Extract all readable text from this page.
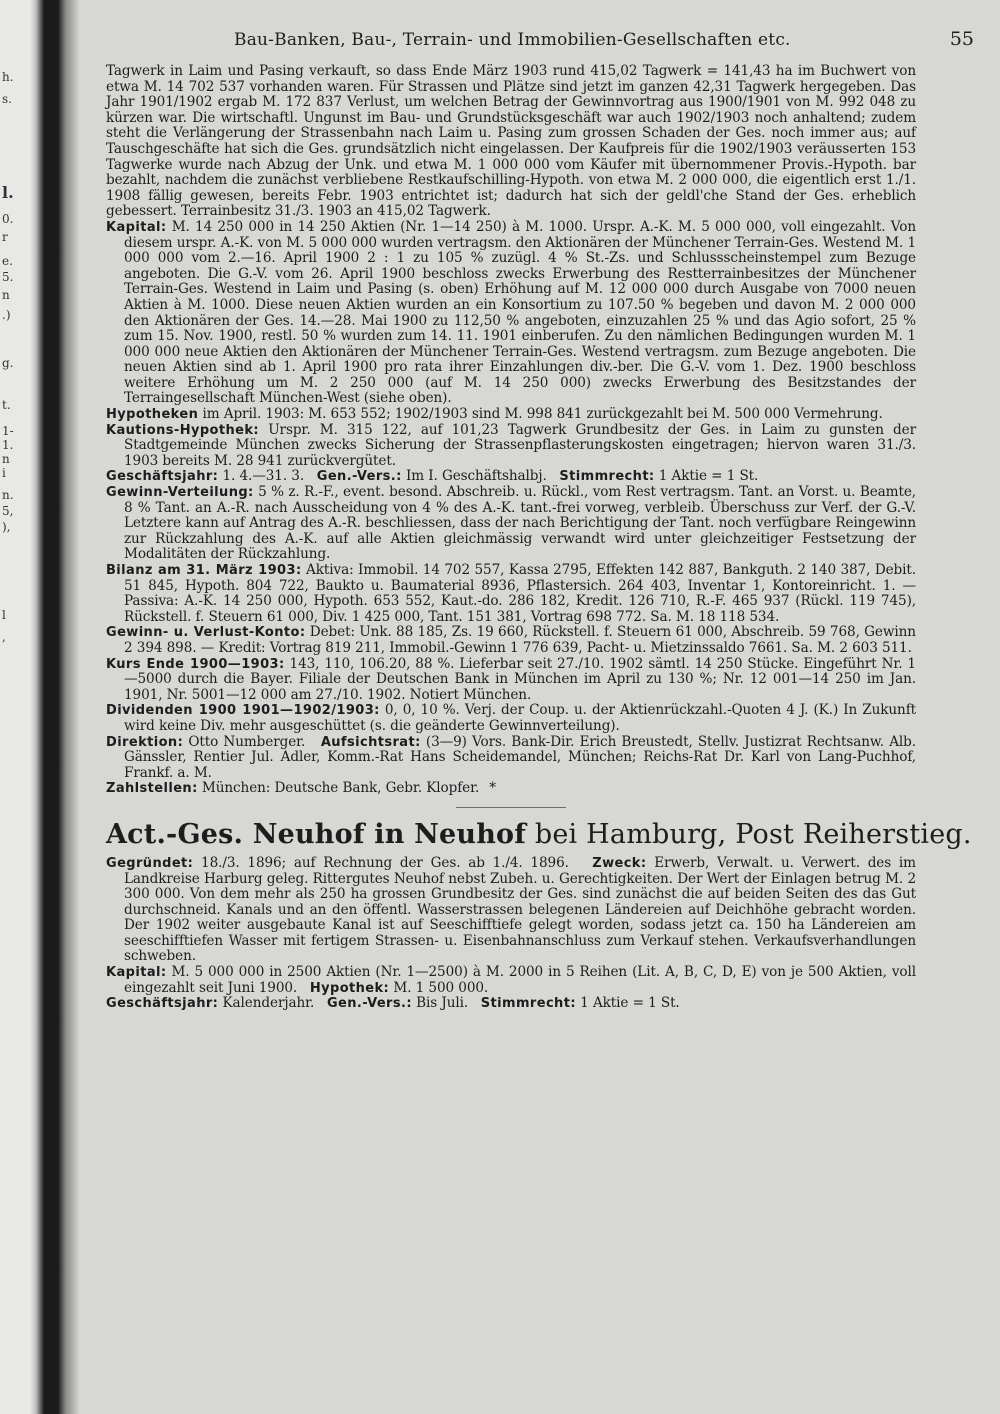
h.
s.
l.
0.
r
e.
5.
n
.)
g.
t.
1-
1.
n
i
n.
5,
),
l
,
Bau-Banken, Bau-, Terrain- und Immobilien-Gesellschaften etc.	55

Tagwerk in Laim und Pasing verkauft, so dass Ende März 1903 rund 415,02 Tagwerk = 141,43 ha im Buchwert von etwa M. 14 702 537 vorhanden waren. Für Strassen und Plätze sind jetzt im ganzen 42,31 Tagwerk hergegeben. Das Jahr 1901/1902 ergab M. 172 837 Verlust, um welchen Betrag der Gewinnvortrag aus 1900/1901 von M. 992 048 zu kürzen war. Die wirtschaftl. Ungunst im Bau- und Grundstücksgeschäft war auch 1902/1903 noch anhaltend; zudem steht die Verlängerung der Strassenbahn nach Laim u. Pasing zum grossen Schaden der Ges. noch immer aus; auf Tauschgeschäfte hat sich die Ges. grundsätzlich nicht eingelassen. Der Kaufpreis für die 1902/1903 veräusserten 153 Tagwerke wurde nach Abzug der Unk. und etwa M. 1 000 000 vom Käufer mit übernommener Provis.-Hypoth. bar bezahlt, nachdem die zunächst verbliebene Restkaufschilling-Hypoth. von etwa M. 2 000 000, die eigentlich erst 1./1. 1908 fällig gewesen, bereits Febr. 1903 entrichtet ist; dadurch hat sich der geldl'che Stand der Ges. erheblich gebessert. Terrainbesitz 31./3. 1903 an 415,02 Tagwerk.

Kapital: M. 14 250 000 in 14 250 Aktien (Nr. 1—14 250) à M. 1000. Urspr. A.-K. M. 5 000 000, voll eingezahlt. Von diesem urspr. A.-K. von M. 5 000 000 wurden vertragsm. den Aktionären der Münchener Terrain-Ges. Westend M. 1 000 000 vom 2.—16. April 1900 2 : 1 zu 105 % zuzügl. 4 % St.-Zs. und Schlussscheinstempel zum Bezuge angeboten. Die G.-V. vom 26. April 1900 beschloss zwecks Erwerbung des Restterrainbesitzes der Münchener Terrain-Ges. Westend in Laim und Pasing (s. oben) Erhöhung auf M. 12 000 000 durch Ausgabe von 7000 neuen Aktien à M. 1000. Diese neuen Aktien wurden an ein Konsortium zu 107.50 % begeben und davon M. 2 000 000 den Aktionären der Ges. 14.—28. Mai 1900 zu 112,50 % angeboten, einzuzahlen 25 % und das Agio sofort, 25 % zum 15. Nov. 1900, restl. 50 % wurden zum 14. 11. 1901 einberufen. Zu den nämlichen Bedingungen wurden M. 1 000 000 neue Aktien den Aktionären der Münchener Terrain-Ges. Westend vertragsm. zum Bezuge angeboten. Die neuen Aktien sind ab 1. April 1900 pro rata ihrer Einzahlungen div.-ber. Die G.-V. vom 1. Dez. 1900 beschloss weitere Erhöhung um M. 2 250 000 (auf M. 14 250 000) zwecks Erwerbung des Besitzstandes der Terraingesellschaft München-West (siehe oben).

Hypotheken im April. 1903: M. 653 552; 1902/1903 sind M. 998 841 zurückgezahlt bei M. 500 000 Vermehrung.

Kautions-Hypothek: Urspr. M. 315 122, auf 101,23 Tagwerk Grundbesitz der Ges. in Laim zu gunsten der Stadtgemeinde München zwecks Sicherung der Strassenpflasterungskosten eingetragen; hiervon waren 31./3. 1903 bereits M. 28 941 zurückvergütet.

Geschäftsjahr: 1. 4.—31. 3. Gen.-Vers.: Im I. Geschäftshalbj. Stimmrecht: 1 Aktie = 1 St.

Gewinn-Verteilung: 5 % z. R.-F., event. besond. Abschreib. u. Rückl., vom Rest vertragsm. Tant. an Vorst. u. Beamte, 8 % Tant. an A.-R. nach Ausscheidung von 4 % des A.-K. tant.-frei vorweg, verbleib. Überschuss zur Verf. der G.-V. Letztere kann auf Antrag des A.-R. beschliessen, dass der nach Berichtigung der Tant. noch verfügbare Reingewinn zur Rückzahlung des A.-K. auf alle Aktien gleichmässig verwandt wird unter gleichzeitiger Festsetzung der Modalitäten der Rückzahlung.

Bilanz am 31. März 1903: Aktiva: Immobil. 14 702 557, Kassa 2795, Effekten 142 887, Bankguth. 2 140 387, Debit. 51 845, Hypoth. 804 722, Baukto u. Baumaterial 8936, Pflastersich. 264 403, Inventar 1, Kontoreinricht. 1. — Passiva: A.-K. 14 250 000, Hypoth. 653 552, Kaut.-do. 286 182, Kredit. 126 710, R.-F. 465 937 (Rückl. 119 745), Rückstell. f. Steuern 61 000, Div. 1 425 000, Tant. 151 381, Vortrag 698 772. Sa. M. 18 118 534.

Gewinn- u. Verlust-Konto: Debet: Unk. 88 185, Zs. 19 660, Rückstell. f. Steuern 61 000, Abschreib. 59 768, Gewinn 2 394 898. — Kredit: Vortrag 819 211, Immobil.-Gewinn 1 776 639, Pacht- u. Mietzinssaldo 7661. Sa. M. 2 603 511.

Kurs Ende 1900—1903: 143, 110, 106.20, 88 %. Lieferbar seit 27./10. 1902 sämtl. 14 250 Stücke. Eingeführt Nr. 1—5000 durch die Bayer. Filiale der Deutschen Bank in München im April zu 130 %; Nr. 12 001—14 250 im Jan. 1901, Nr. 5001—12 000 am 27./10. 1902. Notiert München.

Dividenden 1900 1901—1902/1903: 0, 0, 10 %. Verj. der Coup. u. der Aktienrückzahl.-Quoten 4 J. (K.) In Zukunft wird keine Div. mehr ausgeschüttet (s. die geänderte Gewinnverteilung).

Direktion: Otto Numberger. Aufsichtsrat: (3—9) Vors. Bank-Dir. Erich Breustedt, Stellv. Justizrat Rechtsanw. Alb. Gänssler, Rentier Jul. Adler, Komm.-Rat Hans Scheidemandel, München; Reichs-Rat Dr. Karl von Lang-Puchhof, Frankf. a. M.

Zahlstellen: München: Deutsche Bank, Gebr. Klopfer. *

Act.-Ges. Neuhof in Neuhof bei Hamburg, Post Reiherstieg.

Gegründet: 18./3. 1896; auf Rechnung der Ges. ab 1./4. 1896. Zweck: Erwerb, Verwalt. u. Verwert. des im Landkreise Harburg geleg. Rittergutes Neuhof nebst Zubeh. u. Gerechtigkeiten. Der Wert der Einlagen betrug M. 2 300 000. Von dem mehr als 250 ha grossen Grundbesitz der Ges. sind zunächst die auf beiden Seiten des das Gut durchschneid. Kanals und an den öffentl. Wasserstrassen belegenen Ländereien auf Deichhöhe gebracht worden. Der 1902 weiter ausgebaute Kanal ist auf Seeschifftiefe gelegt worden, sodass jetzt ca. 150 ha Ländereien am seeschifftiefen Wasser mit fertigem Strassen- u. Eisenbahnanschluss zum Verkauf stehen. Verkaufsverhandlungen schweben.

Kapital: M. 5 000 000 in 2500 Aktien (Nr. 1—2500) à M. 2000 in 5 Reihen (Lit. A, B, C, D, E) von je 500 Aktien, voll eingezahlt seit Juni 1900. Hypothek: M. 1 500 000.

Geschäftsjahr: Kalenderjahr. Gen.-Vers.: Bis Juli. Stimmrecht: 1 Aktie = 1 St.
